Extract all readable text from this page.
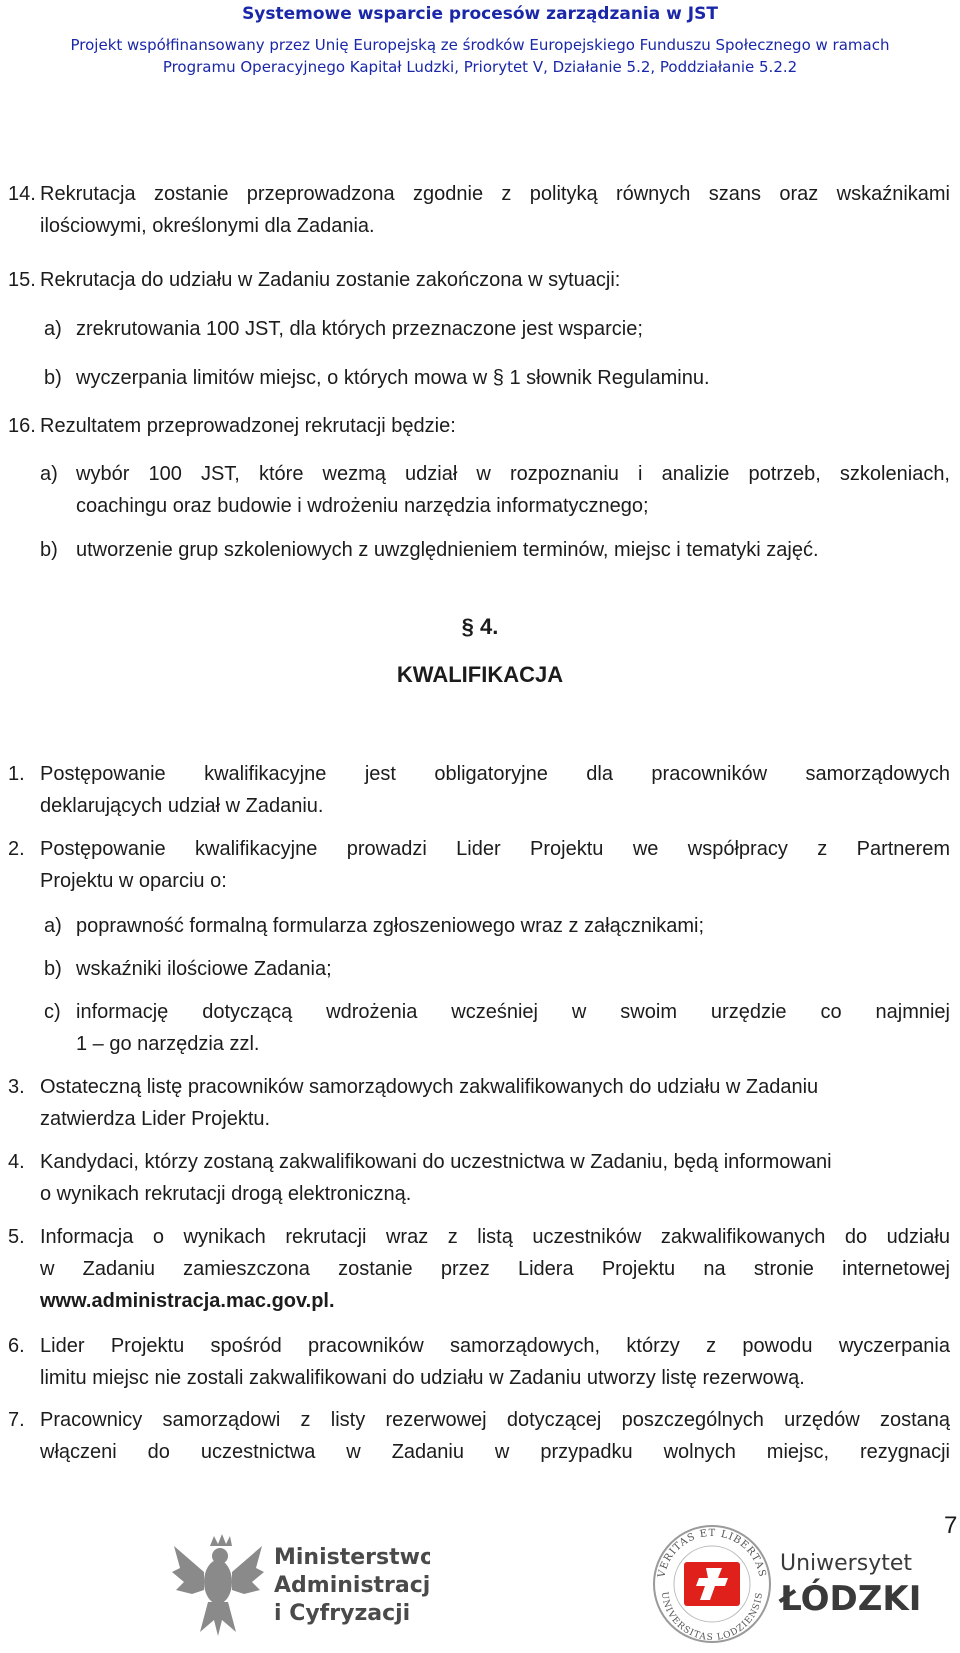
Systemowe wsparcie procesów zarządzania w JST
Projekt współfinansowany przez Unię Europejską ze środków Europejskiego Funduszu Społecznego w ramach
Programu Operacyjnego Kapitał Ludzki, Priorytet V, Działanie 5.2, Poddziałanie 5.2.2
14. Rekrutacja zostanie przeprowadzona zgodnie z polityką równych szans oraz wskaźnikami
ilościowymi, określonymi dla Zadania.
15. Rekrutacja do udziału w Zadaniu zostanie zakończona w sytuacji:
a) zrekrutowania 100 JST, dla których przeznaczone jest wsparcie;
b) wyczerpania limitów miejsc, o których mowa w § 1 słownik Regulaminu.
16. Rezultatem przeprowadzonej rekrutacji będzie:
a) wybór 100 JST, które wezmą udział w rozpoznaniu i analizie potrzeb, szkoleniach,
coachingu oraz budowie i wdrożeniu narzędzia informatycznego;
b) utworzenie grup szkoleniowych z uwzględnieniem terminów, miejsc i tematyki zajęć.
§ 4.
KWALIFIKACJA
1. Postępowanie kwalifikacyjne jest obligatoryjne dla pracowników samorządowych
deklarujących udział w Zadaniu.
2. Postępowanie kwalifikacyjne prowadzi Lider Projektu we współpracy z Partnerem
Projektu w oparciu o:
a) poprawność formalną formularza zgłoszeniowego wraz z załącznikami;
b) wskaźniki ilościowe Zadania;
c) informację dotyczącą wdrożenia wcześniej w swoim urzędzie co najmniej
1 – go narzędzia zzl.
3. Ostateczną listę pracowników samorządowych zakwalifikowanych do udziału w Zadaniu
zatwierdza Lider Projektu.
4. Kandydaci, którzy zostaną zakwalifikowani do uczestnictwa w Zadaniu, będą informowani
o wynikach rekrutacji drogą elektroniczną.
5. Informacja o wynikach rekrutacji wraz z listą uczestników zakwalifikowanych do udziału
w Zadaniu zamieszczona zostanie przez Lidera Projektu na stronie internetowej
www.administracja.mac.gov.pl.
6. Lider Projektu spośród pracowników samorządowych, którzy z powodu wyczerpania
limitu miejsc nie zostali zakwalifikowani do udziału w Zadaniu utworzy listę rezerwową.
7. Pracownicy samorządowi z listy rezerwowej dotyczącej poszczególnych urzędów zostaną
włączeni do uczestnictwa w Zadaniu w przypadku wolnych miejsc, rezygnacji
7
Ministerstwo
Administracji
i Cyfryzacji
VERITAS ET LIBERTAS
UNIVERSITAS LODZIENSIS
Uniwersytet
ŁÓDZKI
